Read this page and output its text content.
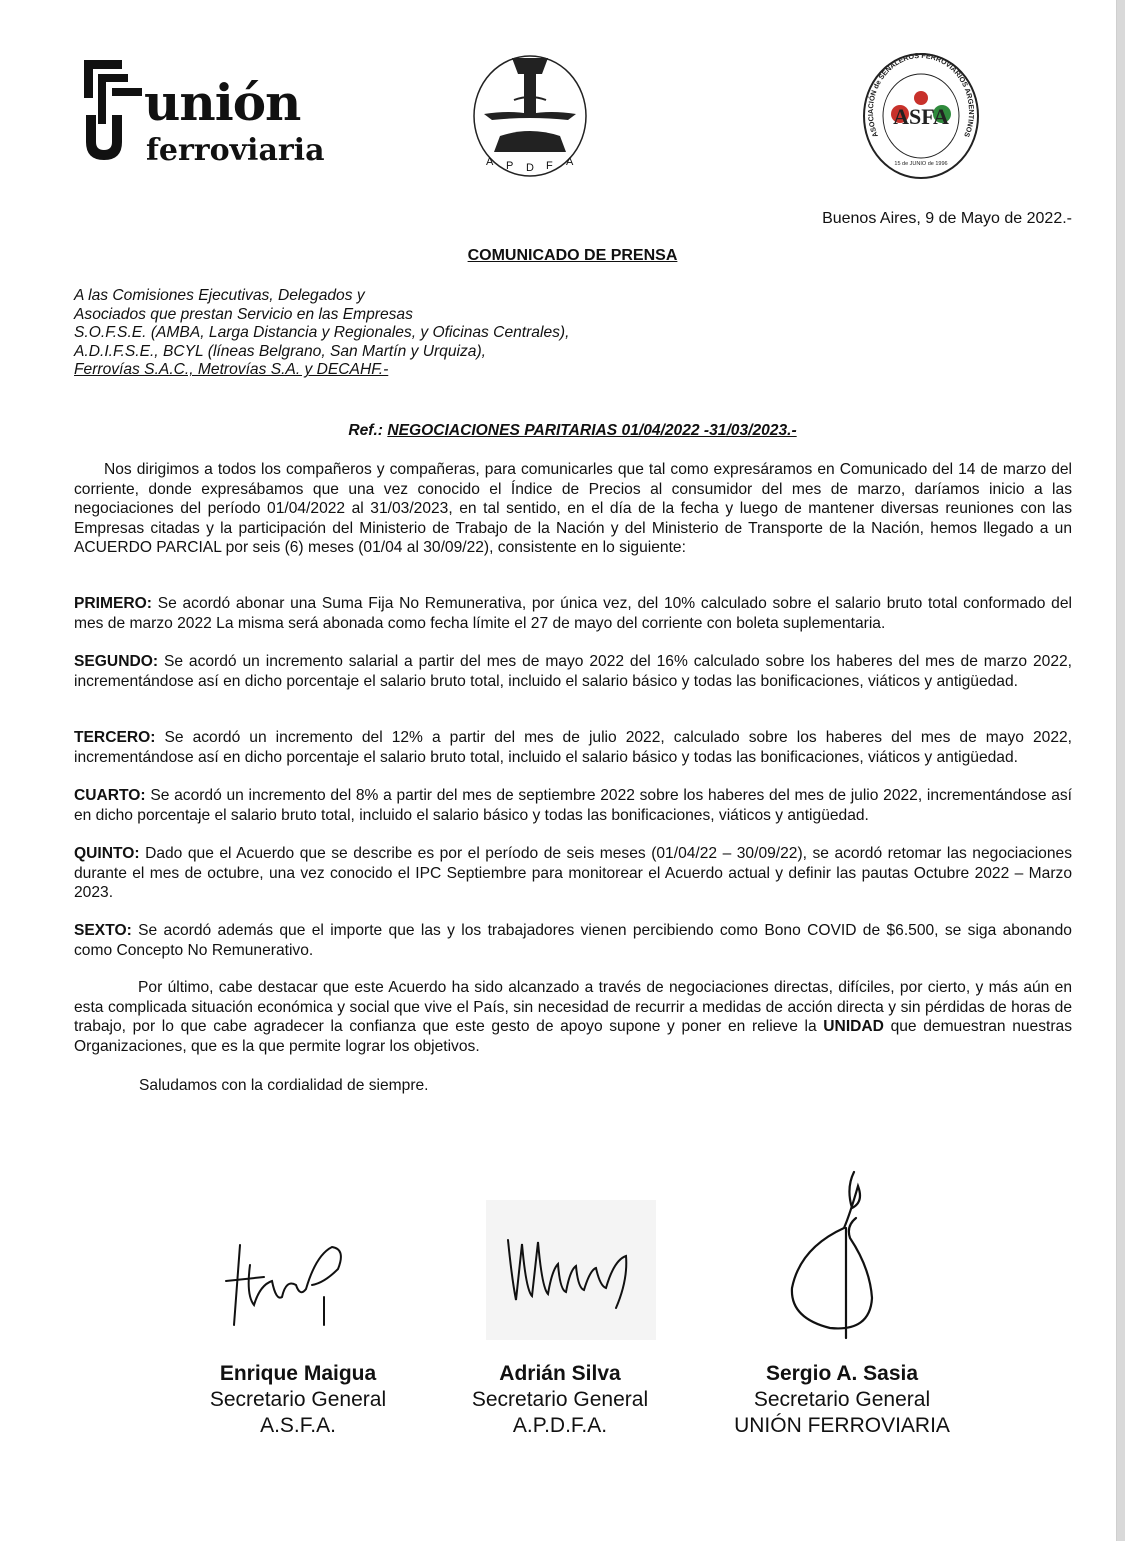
unión
ferroviaria	A P D F A
ASOCIACIÓN de SEÑALEROS FERROVIARIOS ARGENTINOS
ASFA
15 de JUNIO de 1996
Buenos Aires, 9 de Mayo de 2022.-
COMUNICADO DE PRENSA
A las Comisiones Ejecutivas, Delegados y
Asociados que prestan Servicio en las Empresas
S.O.F.S.E. (AMBA, Larga Distancia y Regionales, y Oficinas Centrales),
A.D.I.F.S.E., BCYL (líneas Belgrano, San Martín y Urquiza),
Ferrovías S.A.C., Metrovías S.A. y DECAHF.-
Ref.: NEGOCIACIONES PARITARIAS 01/04/2022 -31/03/2023.-

Nos dirigimos a todos los compañeros y compañeras, para comunicarles que tal como expresáramos en Comunicado del 14 de marzo del corriente, donde expresábamos que una vez conocido el Índice de Precios al consumidor del mes de marzo, daríamos inicio a las negociaciones del período 01/04/2022 al 31/03/2023, en tal sentido, en el día de la fecha y luego de mantener diversas reuniones con las Empresas citadas y la participación del Ministerio de Trabajo de la Nación y del Ministerio de Transporte de la Nación, hemos llegado a un ACUERDO PARCIAL por seis (6) meses (01/04 al 30/09/22), consistente en lo siguiente:

PRIMERO: Se acordó abonar una Suma Fija No Remunerativa, por única vez, del 10% calculado sobre el salario bruto total conformado del mes de marzo 2022 La misma será abonada como fecha límite el 27 de mayo del corriente con boleta suplementaria.

SEGUNDO: Se acordó un incremento salarial a partir del mes de mayo 2022 del 16% calculado sobre los haberes del mes de marzo 2022, incrementándose así en dicho porcentaje el salario bruto total, incluido el salario básico y todas las bonificaciones, viáticos y antigüedad.

TERCERO: Se acordó un incremento del 12% a partir del mes de julio 2022, calculado sobre los haberes del mes de mayo 2022, incrementándose así en dicho porcentaje el salario bruto total, incluido el salario básico y todas las bonificaciones, viáticos y antigüedad.

CUARTO: Se acordó un incremento del 8% a partir del mes de septiembre 2022 sobre los haberes del mes de julio 2022, incrementándose así en dicho porcentaje el salario bruto total, incluido el salario básico y todas las bonificaciones, viáticos y antigüedad.

QUINTO: Dado que el Acuerdo que se describe es por el período de seis meses (01/04/22 – 30/09/22), se acordó retomar las negociaciones durante el mes de octubre, una vez conocido el IPC Septiembre para monitorear el Acuerdo actual y definir las pautas Octubre 2022 – Marzo 2023.

SEXTO: Se acordó además que el importe que las y los trabajadores vienen percibiendo como Bono COVID de $6.500, se siga abonando como Concepto No Remunerativo.

Por último, cabe destacar que este Acuerdo ha sido alcanzado a través de negociaciones directas, difíciles, por cierto, y más aún en esta complicada situación económica y social que vive el País, sin necesidad de recurrir a medidas de acción directa y sin pérdidas de horas de trabajo, por lo que cabe agradecer la confianza que este gesto de apoyo supone y poner en relieve la UNIDAD que demuestran nuestras Organizaciones, que es la que permite lograr los objetivos.

Saludamos con la cordialidad de siempre.
Enrique Maigua
Secretario General
A.S.F.A.
Adrián Silva
Secretario General
A.P.D.F.A.
Sergio A. Sasia
Secretario General
UNIÓN FERROVIARIA
